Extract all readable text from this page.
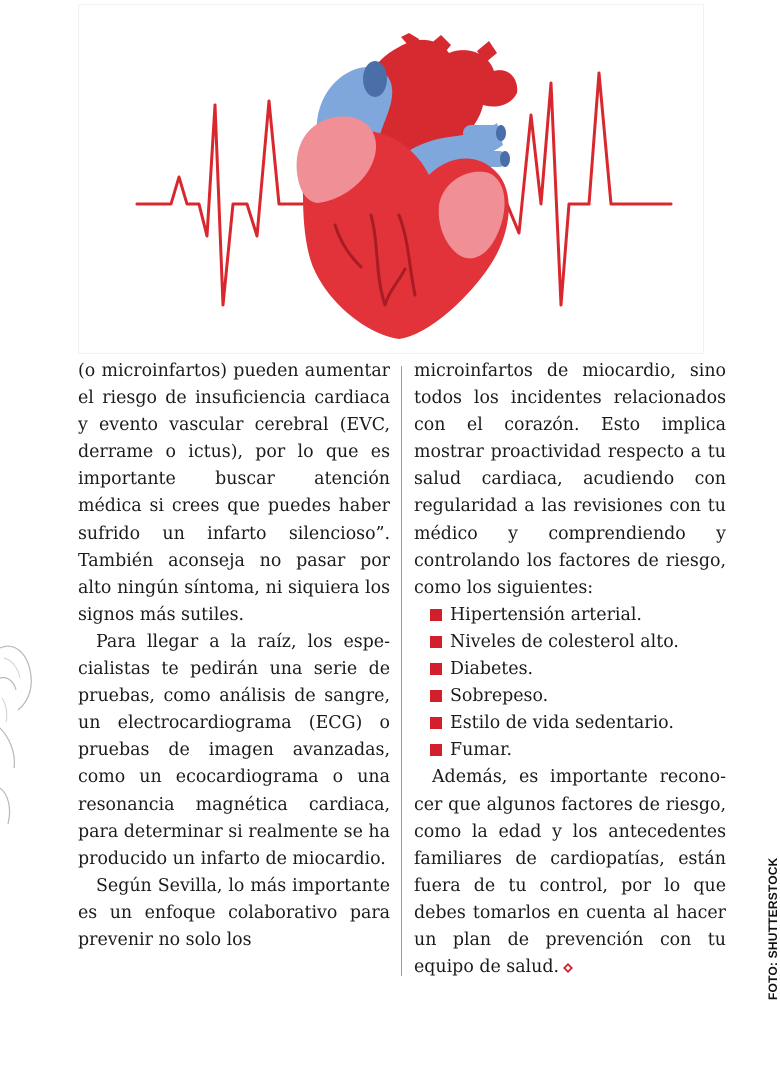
(o microinfartos) pueden aumentar el riesgo de insuficiencia cardiaca y evento vascular cerebral (EVC, derrame o ictus), por lo que es importante buscar atención médica si crees que puedes haber sufrido un infarto silencioso”. También aconseja no pasar por alto ningún síntoma, ni siquiera los signos más sutiles.

Para llegar a la raíz, los especialistas te pedirán una serie de pruebas, como análisis de sangre, un electrocardiograma (ECG) o pruebas de imagen avanzadas, como un ecocardiograma o una resonancia magnética cardiaca, para determinar si realmente se ha producido un infarto de miocardio.

Según Sevilla, lo más importante es un enfoque colaborativo para prevenir no solo los

microinfartos de miocardio, sino todos los incidentes relacionados con el corazón. Esto implica mostrar proactividad respecto a tu salud cardiaca, acudiendo con regularidad a las revisiones con tu médico y comprendiendo y controlando los factores de riesgo, como los siguientes:

Hipertensión arterial.
Niveles de colesterol alto.
Diabetes.
Sobrepeso.
Estilo de vida sedentario.
Fumar.

Además, es importante reconocer que algunos factores de riesgo, como la edad y los antecedentes familiares de cardiopatías, están fuera de tu control, por lo que debes tomarlos en cuenta al hacer un plan de prevención con tu equipo de salud.	FOTO: SHUTTERSTOCK
